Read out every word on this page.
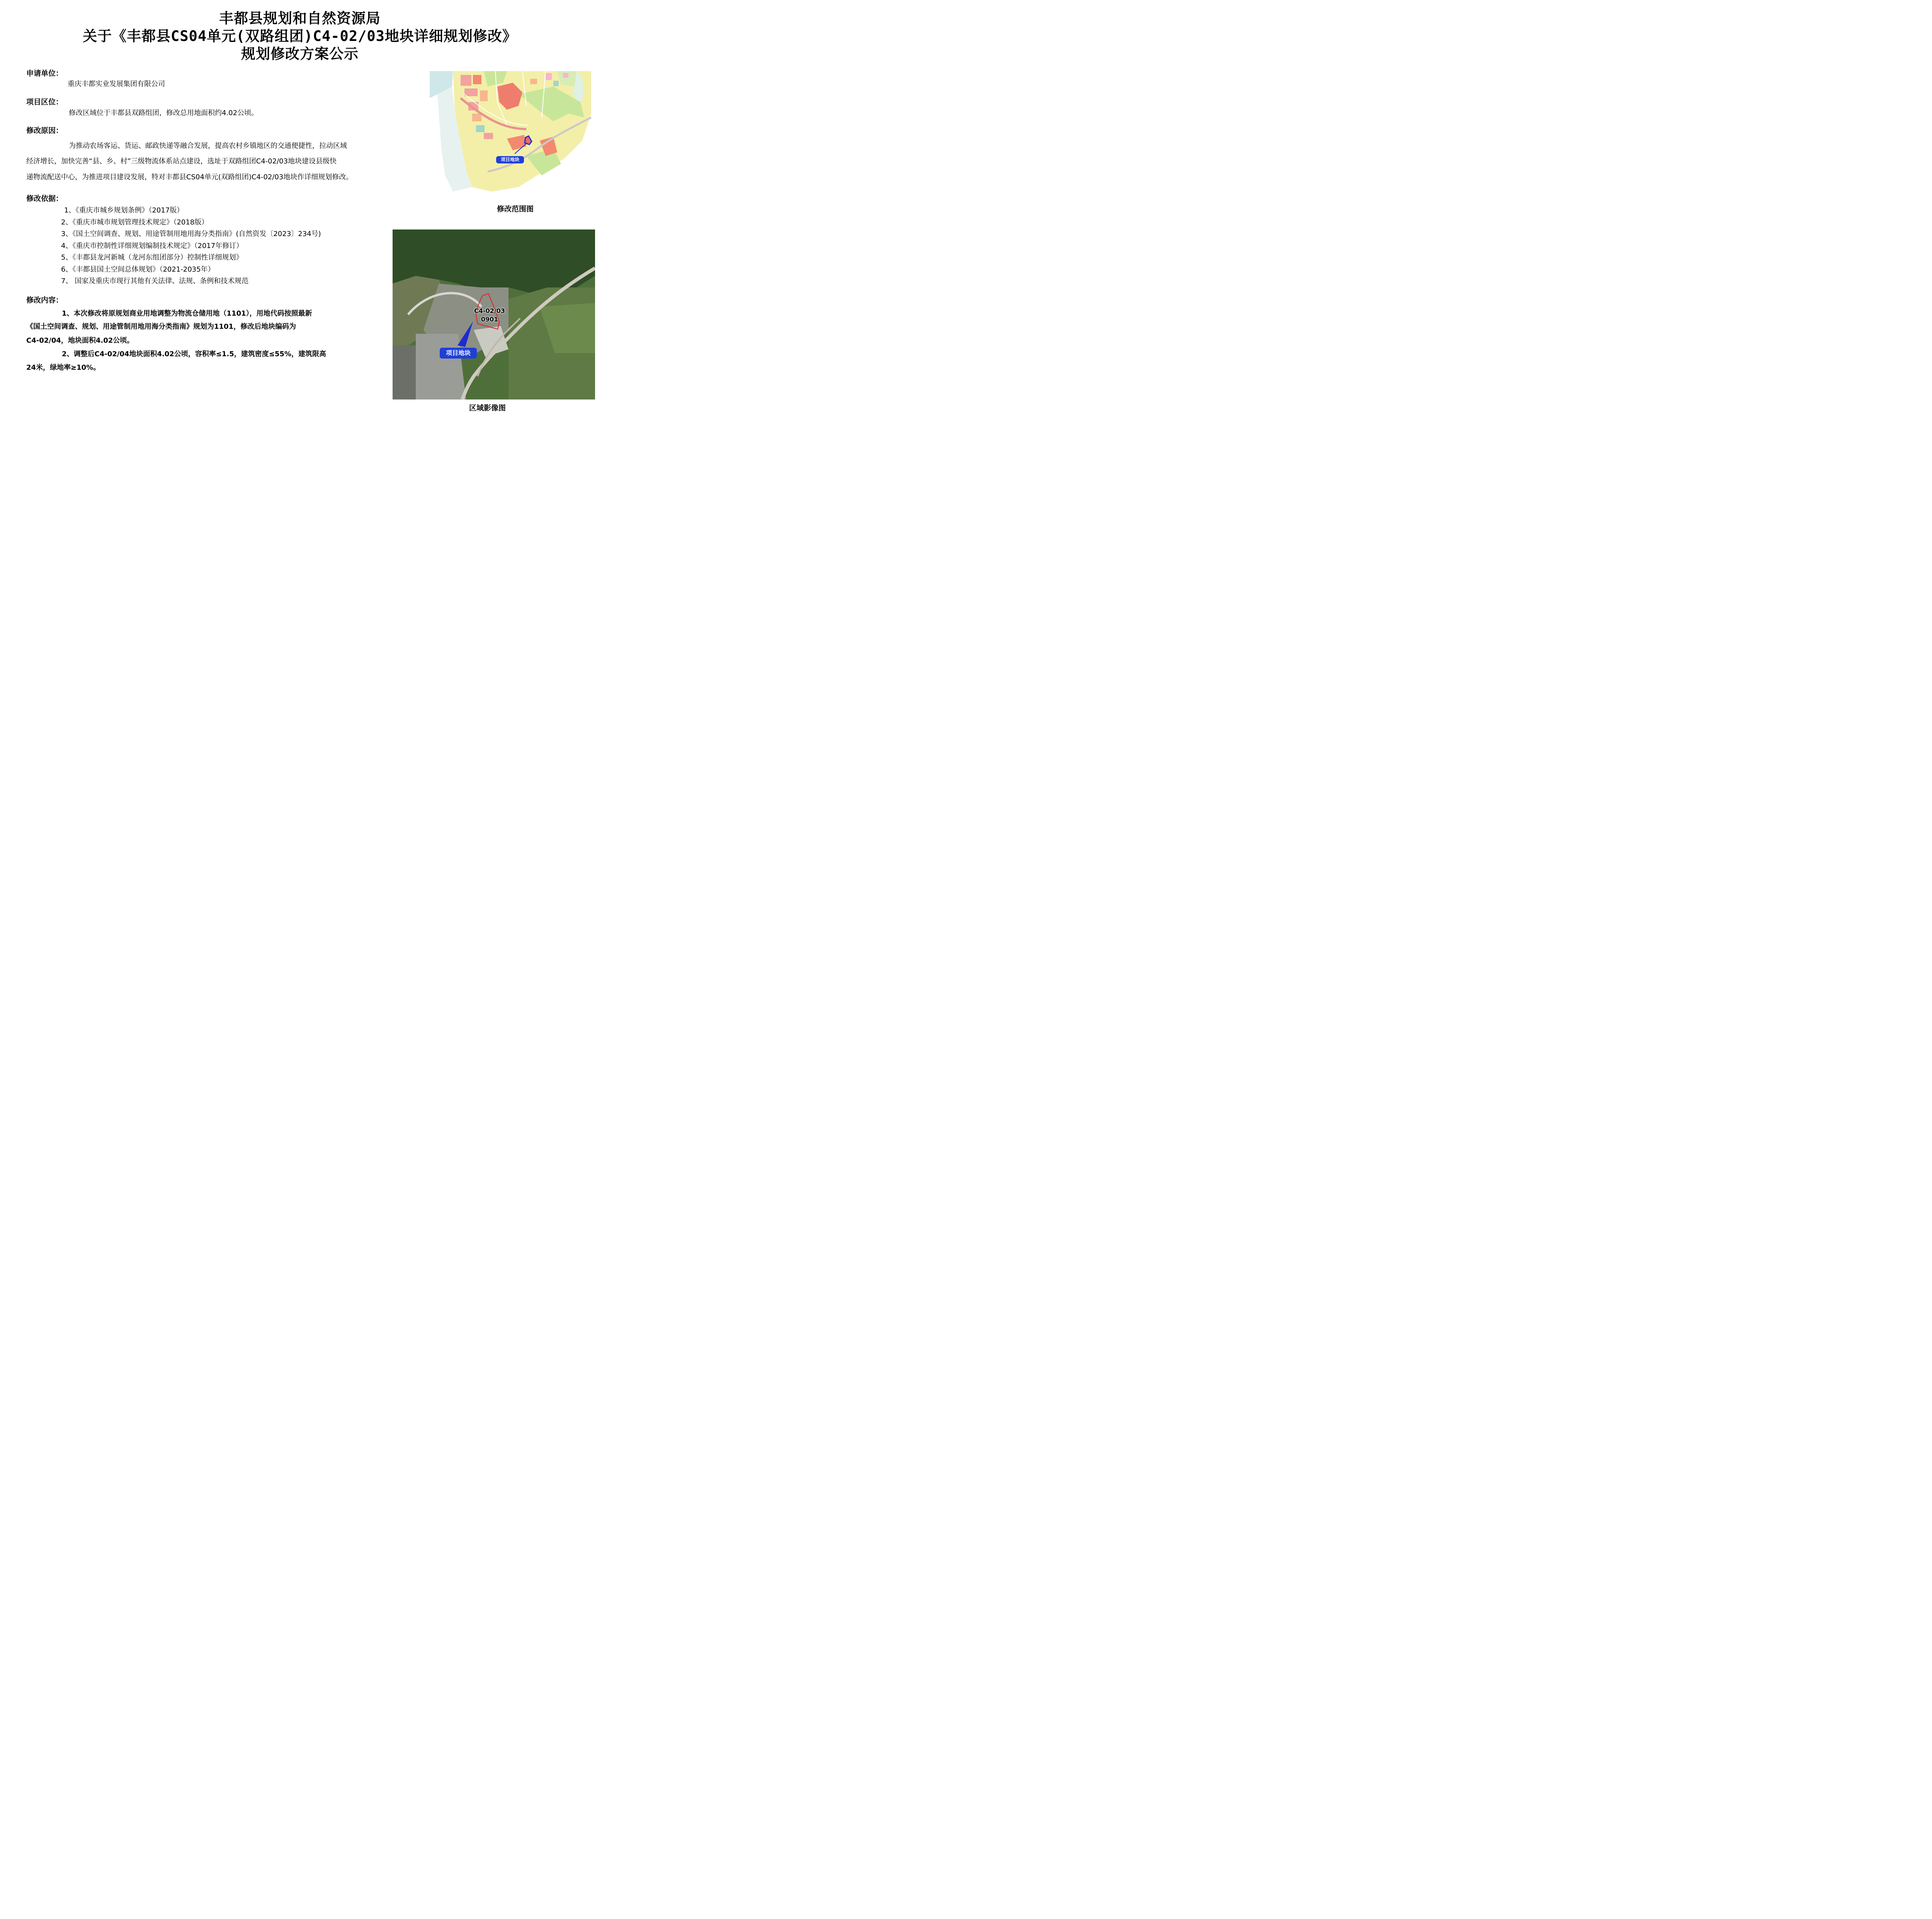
丰都县规划和自然资源局
关于《丰都县CS04单元(双路组团)C4-02/03地块详细规划修改》
规划修改方案公示
申请单位：
重庆丰都实业发展集团有限公司
项目区位：
修改区域位于丰都县双路组团，修改总用地面积约4.02公顷。
修改原因：
为推动农场客运、货运、邮政快递等融合发展，提高农村乡镇地区的交通便捷性，拉动区域
经济增长，加快完善“县、乡、村”三级物流体系站点建设，选址于双路组团C4-02/03地块建设县级快
递物流配送中心，为推进项目建设发展，特对丰都县CS04单元(双路组团)C4-02/03地块作详细规划修改。
修改依据：
1、《重庆市城乡规划条例》（2017版）
2、《重庆市城市规划管理技术规定》（2018版）
3、《国土空间调查、规划、用途管制用地用海分类指南》(自然资发〔2023〕234号)
4、《重庆市控制性详细规划编制技术规定》（2017年修订）
5、《丰都县龙河新城（龙河东组团部分）控制性详细规划》
6、《丰都县国土空间总体规划》（2021-2035年）
7、 国家及重庆市现行其他有关法律、法规、条例和技术规范
修改内容：
1、本次修改将原规划商业用地调整为物流仓储用地（1101），用地代码按照最新
《国土空间调查、规划、用途管制用地用海分类指南》规划为1101，修改后地块编码为
C4-02/04，地块面积4.02公顷。
2、调整后C4-02/04地块面积4.02公顷，容积率≤1.5，建筑密度≤55%，建筑限高
24米，绿地率≥10%。
项目地块
修改范围图
项目地块
C4-02/03
0901
区域影像图
